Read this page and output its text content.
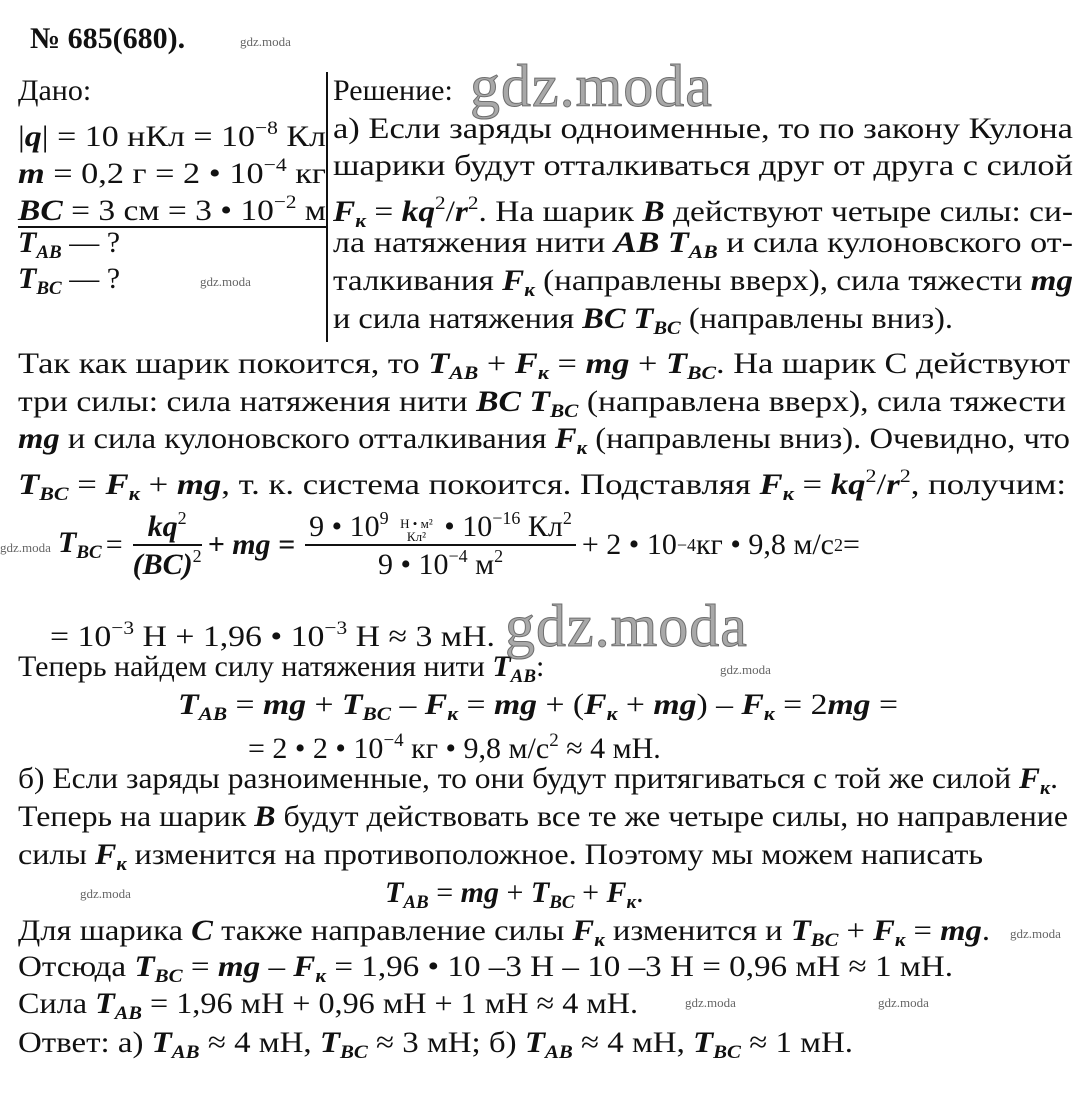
№ 685(680).
Дано:	Решение:
|q| = 10 нКл = $10^{-8}$ Кл
m = 0,2 г = 2 • $10^{-4}$ кг
BC = 3 см = 3 • $10^{-2}$ м
$T_{AB}$ — ?
$T_{BC}$ — ?
а) Если заряды одноименные, то по закону Кулона
шарики будут отталкиваться друг от друга с силой
$F_к = kq^2/r^2$. На шарик B действуют четыре силы: си-
ла натяжения нити AB $T_{AB}$ и сила кулоновского от-
талкивания $F_к$ (направлены вверх), сила тяжести mg
и сила натяжения BC $T_{BC}$ (направлены вниз).
Так как шарик покоится, то $T_{AB} + F_к$ = mg + $T_{BC}$. На шарик С действуют
три силы: сила натяжения нити BC $T_{BC}$ (направлена вверх), сила тяжести
mg и сила кулоновского отталкивания $F_к$ (направлены вниз). Очевидно, что
$T_{BC} = F_к$ + mg, т. к. система покоится. Подставляя $F_к = kq^2/r^2$, получим:
= $10^{-3}$ Н + 1,96 • $10^{-3}$ Н ≈ 3 мН.
Теперь найдем силу натяжения нити $T_{AB}$:
$T_{AB}$ = mg + $T_{BC} - F_к$ = mg + $(F_к + mg) - F_к = 2mg$ =
= 2 • 2 • $10^{-4}$ кг • 9,8 $м/с^2 \approx 4$ мН.
б) Если заряды разноименные, то они будут притягиваться с той же силой $F_к$.
Теперь на шарик B будут действовать все те же четыре силы, но направление
силы $F_к$ изменится на противоположное. Поэтому мы можем написать
$T_{AB}$ = mg + $T_{BC} + F_к$.
Для шарика C также направление силы $F_к$ изменится и $T_{BC} + F_к$ = mg.
Отсюда $T_{BC}$ = mg – $F_к = 1,96$ • 10 –3 Н – 10 –3 Н = 0,96 мН ≈ 1 мН.
Сила $T_{AB} = 1,96$ мН + 0,96 мН + 1 мН ≈ 4 мН.
Ответ: а) $T_{AB} \approx 4$ мН, $T_{BC} \approx 3$ мН; б) $T_{AB} \approx 4$ мН, $T_{BC} \approx 1$ мН.
$T_{BC} = \frac{kq^2}{(BC)^2}$ + mg = 9 • $10^9$ Н • м²
Кл² • $10^{-16}$ $Кл^2$
9 • $10^{-4}$ $м^2 + 2$ • 10 −4 кг • 9,8 м/с 2 =
gdz.moda
gdz.moda
gdz.moda
gdz.moda
gdz.moda
gdz.moda
gdz.moda
gdz.moda
gdz.moda	gdz.moda
